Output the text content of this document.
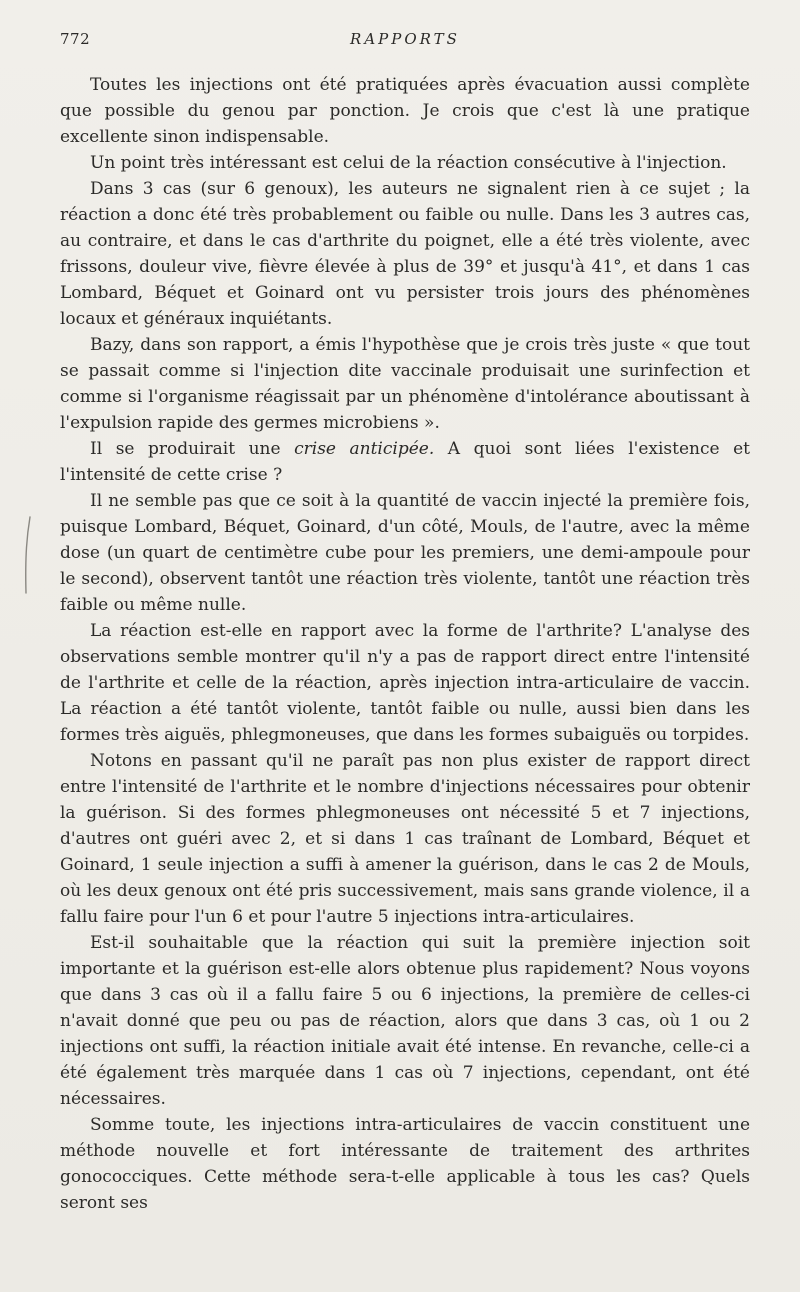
772	RAPPORTS

Toutes les injections ont été pratiquées après évacuation aussi complète que possible du genou par ponction. Je crois que c'est là une pratique excellente sinon indispensable.

Un point très intéressant est celui de la réaction consécutive à l'injection.

Dans 3 cas (sur 6 genoux), les auteurs ne signalent rien à ce sujet ; la réaction a donc été très probablement ou faible ou nulle. Dans les 3 autres cas, au contraire, et dans le cas d'arthrite du poignet, elle a été très violente, avec frissons, douleur vive, fièvre élevée à plus de 39° et jusqu'à 41°, et dans 1 cas Lombard, Béquet et Goinard ont vu persister trois jours des phénomènes locaux et généraux inquiétants.

Bazy, dans son rapport, a émis l'hypothèse que je crois très juste « que tout se passait comme si l'injection dite vaccinale produisait une surinfection et comme si l'organisme réagissait par un phénomène d'intolérance aboutissant à l'expulsion rapide des germes microbiens ».

Il se produirait une crise anticipée. A quoi sont liées l'existence et l'intensité de cette crise ?

Il ne semble pas que ce soit à la quantité de vaccin injecté la première fois, puisque Lombard, Béquet, Goinard, d'un côté, Mouls, de l'autre, avec la même dose (un quart de centimètre cube pour les premiers, une demi-ampoule pour le second), observent tantôt une réaction très violente, tantôt une réaction très faible ou même nulle.

La réaction est-elle en rapport avec la forme de l'arthrite? L'analyse des observations semble montrer qu'il n'y a pas de rapport direct entre l'intensité de l'arthrite et celle de la réaction, après injection intra-articulaire de vaccin. La réaction a été tantôt violente, tantôt faible ou nulle, aussi bien dans les formes très aiguës, phlegmoneuses, que dans les formes subaiguës ou torpides.

Notons en passant qu'il ne paraît pas non plus exister de rapport direct entre l'intensité de l'arthrite et le nombre d'injections nécessaires pour obtenir la guérison. Si des formes phlegmoneuses ont nécessité 5 et 7 injections, d'autres ont guéri avec 2, et si dans 1 cas traînant de Lombard, Béquet et Goinard, 1 seule injection a suffi à amener la guérison, dans le cas 2 de Mouls, où les deux genoux ont été pris successivement, mais sans grande violence, il a fallu faire pour l'un 6 et pour l'autre 5 injections intra-articulaires.

Est-il souhaitable que la réaction qui suit la première injection soit importante et la guérison est-elle alors obtenue plus rapidement? Nous voyons que dans 3 cas où il a fallu faire 5 ou 6 injections, la première de celles-ci n'avait donné que peu ou pas de réaction, alors que dans 3 cas, où 1 ou 2 injections ont suffi, la réaction initiale avait été intense. En revanche, celle-ci a été également très marquée dans 1 cas où 7 injections, cependant, ont été nécessaires.

Somme toute, les injections intra-articulaires de vaccin constituent une méthode nouvelle et fort intéressante de traitement des arthrites gonococciques. Cette méthode sera-t-elle applicable à tous les cas? Quels seront ses
